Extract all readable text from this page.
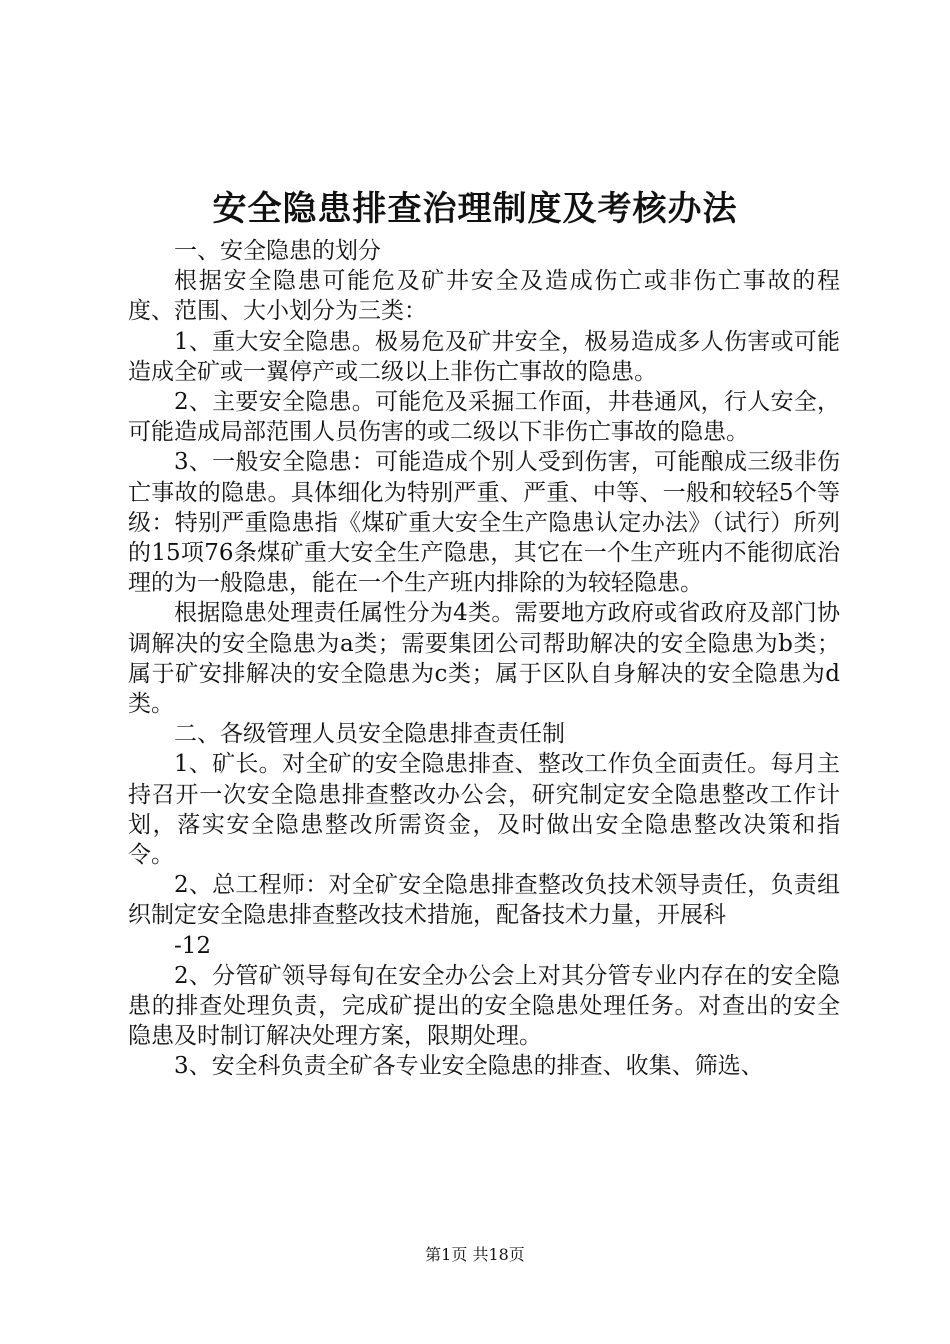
安全隐患排查治理制度及考核办法

一、安全隐患的划分

根据安全隐患可能危及矿井安全及造成伤亡或非伤亡事故的程度、范围、大小划分为三类：

1、重大安全隐患。极易危及矿井安全，极易造成多人伤害或可能造成全矿或一翼停产或二级以上非伤亡事故的隐患。

2、主要安全隐患。可能危及采掘工作面，井巷通风，行人安全，可能造成局部范围人员伤害的或二级以下非伤亡事故的隐患。

3、一般安全隐患：可能造成个别人受到伤害，可能酿成三级非伤亡事故的隐患。具体细化为特别严重、严重、中等、一般和较轻5个等级：特别严重隐患指《煤矿重大安全生产隐患认定办法》（试行）所列的15项76条煤矿重大安全生产隐患，其它在一个生产班内不能彻底治理的为一般隐患，能在一个生产班内排除的为较轻隐患。

根据隐患处理责任属性分为4类。需要地方政府或省政府及部门协调解决的安全隐患为a类；需要集团公司帮助解决的安全隐患为b类；属于矿安排解决的安全隐患为c类；属于区队自身解决的安全隐患为d类。

二、各级管理人员安全隐患排查责任制

1、矿长。对全矿的安全隐患排查、整改工作负全面责任。每月主持召开一次安全隐患排查整改办公会，研究制定安全隐患整改工作计划，落实安全隐患整改所需资金，及时做出安全隐患整改决策和指令。

2、总工程师：对全矿安全隐患排查整改负技术领导责任，负责组织制定安全隐患排查整改技术措施，配备技术力量，开展科

-12

2、分管矿领导每旬在安全办公会上对其分管专业内存在的安全隐患的排查处理负责，完成矿提出的安全隐患处理任务。对查出的安全隐患及时制订解决处理方案，限期处理。

3、安全科负责全矿各专业安全隐患的排查、收集、筛选、

第1页 共18页
